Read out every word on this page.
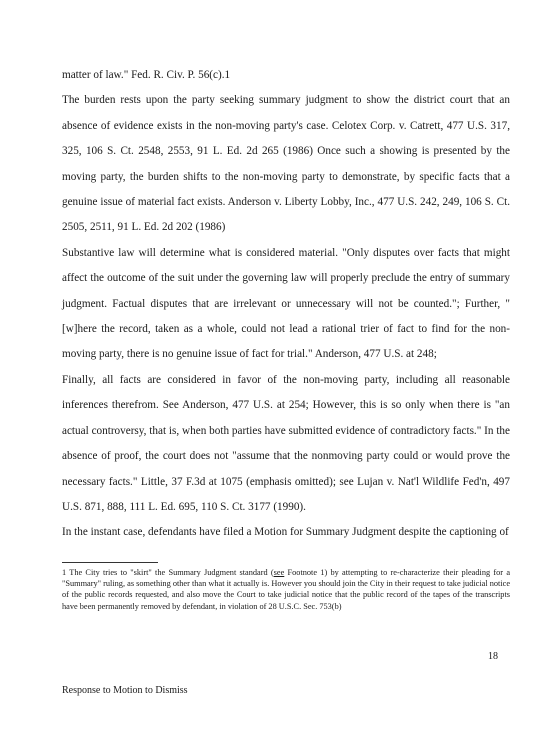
matter of law." Fed. R. Civ. P. 56(c).1

The burden rests upon the party seeking summary judgment to show the district court that an absence of evidence exists in the non-moving party's case. Celotex Corp. v. Catrett, 477 U.S. 317, 325, 106 S. Ct. 2548, 2553, 91 L. Ed. 2d 265 (1986) Once such a showing is presented by the moving party, the burden shifts to the non-moving party to demonstrate, by specific facts that a genuine issue of material fact exists. Anderson v. Liberty Lobby, Inc., 477 U.S. 242, 249, 106 S. Ct. 2505, 2511, 91 L. Ed. 2d 202 (1986)

Substantive law will determine what is considered material. "Only disputes over facts that might affect the outcome of the suit under the governing law will properly preclude the entry of summary judgment. Factual disputes that are irrelevant or unnecessary will not be counted."; Further, "[w]here the record, taken as a whole, could not lead a rational trier of fact to find for the non-moving party, there is no genuine issue of fact for trial." Anderson, 477 U.S. at 248;

Finally, all facts are considered in favor of the non-moving party, including all reasonable inferences therefrom. See Anderson, 477 U.S. at 254; However, this is so only when there is "an actual controversy, that is, when both parties have submitted evidence of contradictory facts." In the absence of proof, the court does not "assume that the nonmoving party could or would prove the necessary facts." Little, 37 F.3d at 1075 (emphasis omitted); see Lujan v. Nat'l Wildlife Fed'n, 497 U.S. 871, 888, 111 L. Ed. 695, 110 S. Ct. 3177 (1990).

In the instant case, defendants have filed a Motion for Summary Judgment despite the captioning of

1 The City tries to "skirt" the Summary Judgment standard (see Footnote 1) by attempting to re-characterize their pleading for a "Summary" ruling, as something other than what it actually is. However you should join the City in their request to take judicial notice of the public records requested, and also move the Court to take judicial notice that the public record of the tapes of the transcripts have been permanently removed by defendant, in violation of 28 U.S.C. Sec. 753(b)

18
Response to Motion to Dismiss
